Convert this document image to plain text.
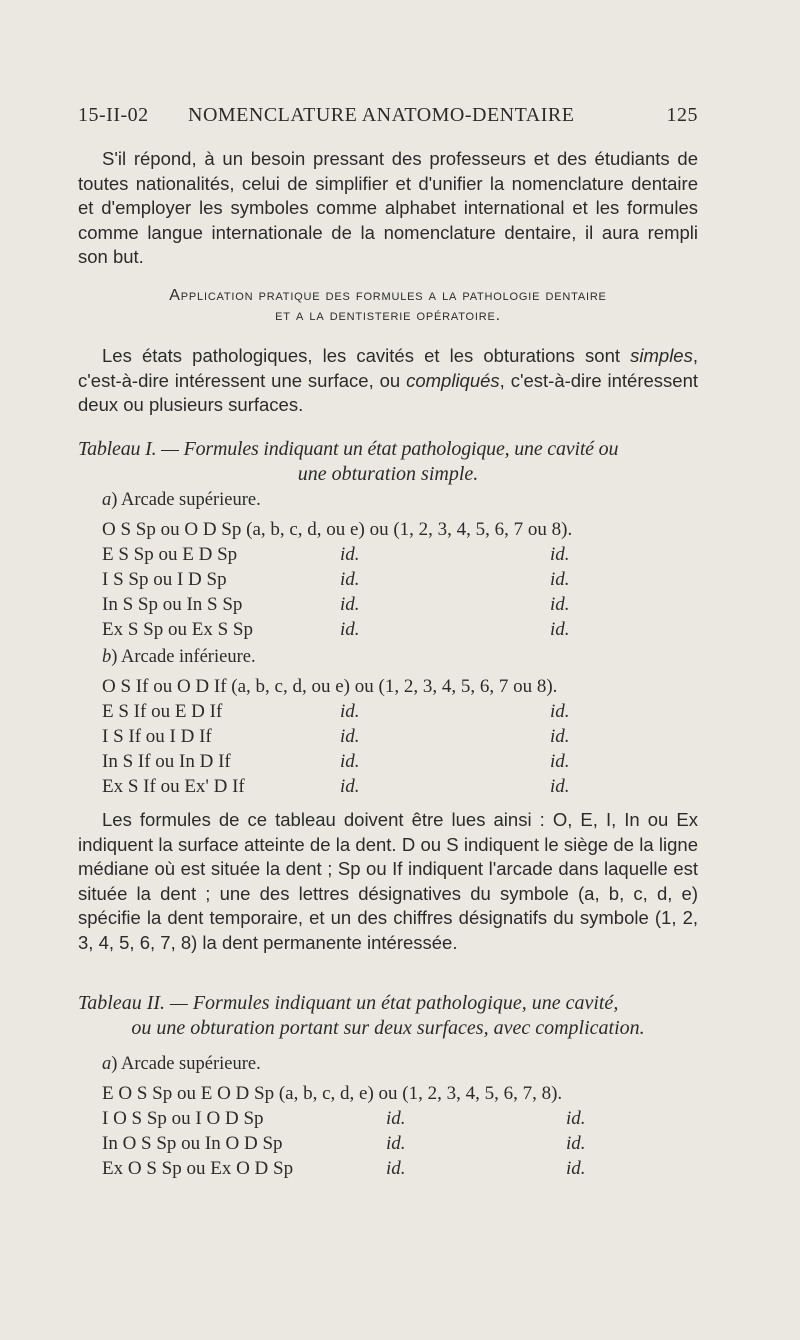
15-II-02 NOMENCLATURE ANATOMO-DENTAIRE	125

S'il répond, à un besoin pressant des professeurs et des étudiants de toutes nationalités, celui de simplifier et d'unifier la nomenclature dentaire et d'employer les symboles comme alphabet international et les formules comme langue internationale de la nomenclature dentaire, il aura rempli son but.

Application pratique des formules a la pathologie dentaire
et a la dentisterie opératoire.

Les états pathologiques, les cavités et les obturations sont simples, c'est-à-dire intéressent une surface, ou compliqués, c'est-à-dire intéressent deux ou plusieurs surfaces.

Tableau I. — Formules indiquant un état pathologique, une cavité ou
une obturation simple.
a) Arcade supérieure.
O S Sp ou O D Sp (a, b, c, d, ou e) ou (1, 2, 3, 4, 5, 6, 7 ou 8).
E S Sp ou E D Sp	id.	id.
I S Sp ou I D Sp	id.	id.
In S Sp ou In S Sp	id.	id.
Ex S Sp ou Ex S Sp	id.	id.
b) Arcade inférieure.
O S If ou O D If (a, b, c, d, ou e) ou (1, 2, 3, 4, 5, 6, 7 ou 8).
E S If ou E D If	id.	id.
I S If ou I D If	id.	id.
In S If ou In D If	id.	id.
Ex S If ou Ex' D If	id.	id.

Les formules de ce tableau doivent être lues ainsi : O, E, I, In ou Ex indiquent la surface atteinte de la dent. D ou S indiquent le siège de la ligne médiane où est située la dent ; Sp ou If indiquent l'arcade dans laquelle est située la dent ; une des lettres désignatives du symbole (a, b, c, d, e) spécifie la dent temporaire, et un des chiffres désignatifs du symbole (1, 2, 3, 4, 5, 6, 7, 8) la dent permanente intéressée.

Tableau II. — Formules indiquant un état pathologique, une cavité,
ou une obturation portant sur deux surfaces, avec complication.
a) Arcade supérieure.
E O S Sp ou E O D Sp (a, b, c, d, e) ou (1, 2, 3, 4, 5, 6, 7, 8).
I O S Sp ou I O D Sp	id.	id.
In O S Sp ou In O D Sp	id.	id.
Ex O S Sp ou Ex O D Sp	id.	id.
